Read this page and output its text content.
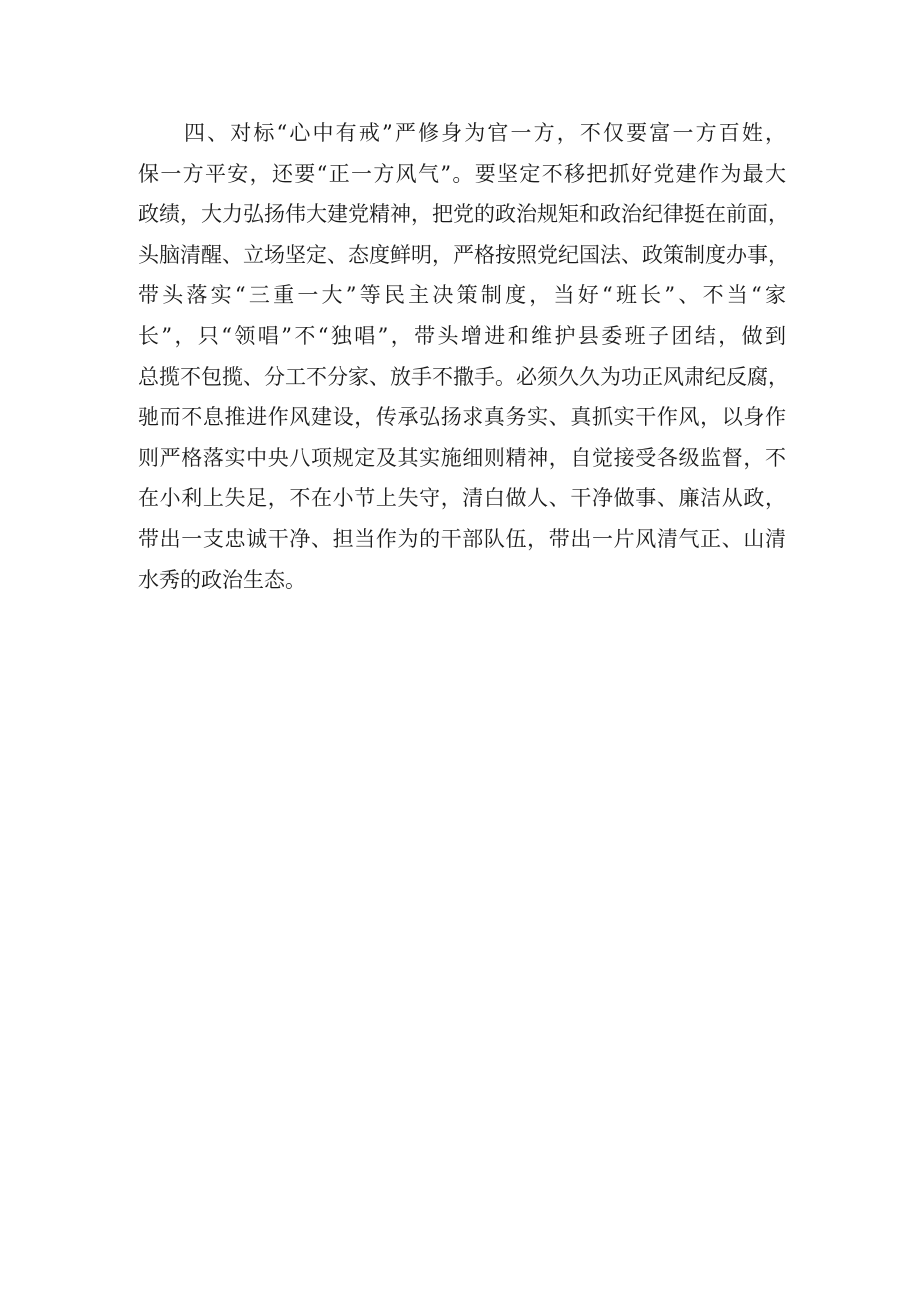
四、对标“心中有戒”严修身为官一方，不仅要富一方百姓，
保一方平安，还要“正一方风气”。要坚定不移把抓好党建作为最大
政绩，大力弘扬伟大建党精神，把党的政治规矩和政治纪律挺在前面，
头脑清醒、立场坚定、态度鲜明，严格按照党纪国法、政策制度办事，
带头落实“三重一大”等民主决策制度，当好“班长”、不当“家
长”，只“领唱”不“独唱”，带头增进和维护县委班子团结，做到
总揽不包揽、分工不分家、放手不撒手。必须久久为功正风肃纪反腐，
驰而不息推进作风建设，传承弘扬求真务实、真抓实干作风，以身作
则严格落实中央八项规定及其实施细则精神，自觉接受各级监督，不
在小利上失足，不在小节上失守，清白做人、干净做事、廉洁从政，
带出一支忠诚干净、担当作为的干部队伍，带出一片风清气正、山清
水秀的政治生态。
